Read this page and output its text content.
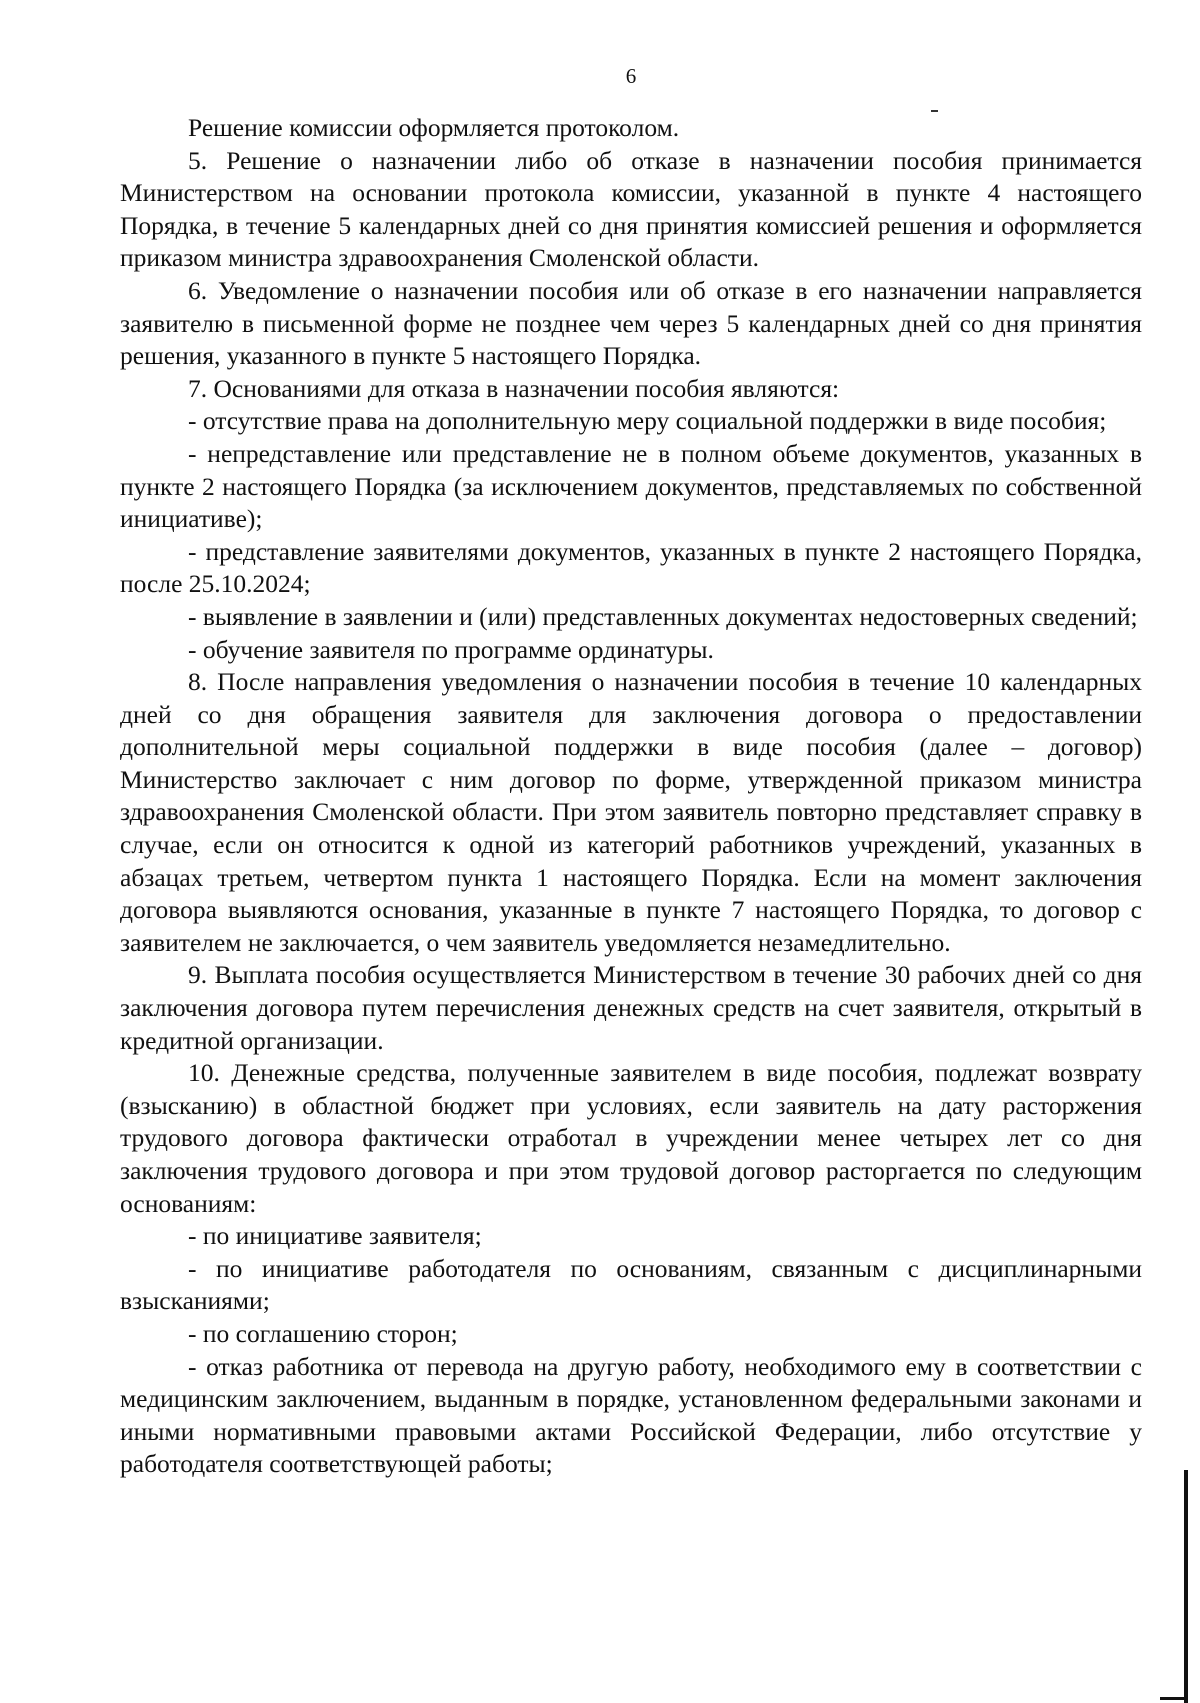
6

Решение комиссии оформляется протоколом.

5. Решение о назначении либо об отказе в назначении пособия принимается Министерством на основании протокола комиссии, указанной в пункте 4 настоящего Порядка, в течение 5 календарных дней со дня принятия комиссией решения и оформляется приказом министра здравоохранения Смоленской области.

6. Уведомление о назначении пособия или об отказе в его назначении направляется заявителю в письменной форме не позднее чем через 5 календарных дней со дня принятия решения, указанного в пункте 5 настоящего Порядка.

7. Основаниями для отказа в назначении пособия являются:

- отсутствие права на дополнительную меру социальной поддержки в виде пособия;

- непредставление или представление не в полном объеме документов, указанных в пункте 2 настоящего Порядка (за исключением документов, представляемых по собственной инициативе);

- представление заявителями документов, указанных в пункте 2 настоящего Порядка, после 25.10.2024;

- выявление в заявлении и (или) представленных документах недостоверных сведений;

- обучение заявителя по программе ординатуры.

8. После направления уведомления о назначении пособия в течение 10 календарных дней со дня обращения заявителя для заключения договора о предоставлении дополнительной меры социальной поддержки в виде пособия (далее – договор) Министерство заключает с ним договор по форме, утвержденной приказом министра здравоохранения Смоленской области. При этом заявитель повторно представляет справку в случае, если он относится к одной из категорий работников учреждений, указанных в абзацах третьем, четвертом пункта 1 настоящего Порядка. Если на момент заключения договора выявляются основания, указанные в пункте 7 настоящего Порядка, то договор с заявителем не заключается, о чем заявитель уведомляется незамедлительно.

9. Выплата пособия осуществляется Министерством в течение 30 рабочих дней со дня заключения договора путем перечисления денежных средств на счет заявителя, открытый в кредитной организации.

10. Денежные средства, полученные заявителем в виде пособия, подлежат возврату (взысканию) в областной бюджет при условиях, если заявитель на дату расторжения трудового договора фактически отработал в учреждении менее четырех лет со дня заключения трудового договора и при этом трудовой договор расторгается по следующим основаниям:

- по инициативе заявителя;

- по инициативе работодателя по основаниям, связанным с дисциплинарными взысканиями;

- по соглашению сторон;

- отказ работника от перевода на другую работу, необходимого ему в соответствии с медицинским заключением, выданным в порядке, установленном федеральными законами и иными нормативными правовыми актами Российской Федерации, либо отсутствие у работодателя соответствующей работы;
